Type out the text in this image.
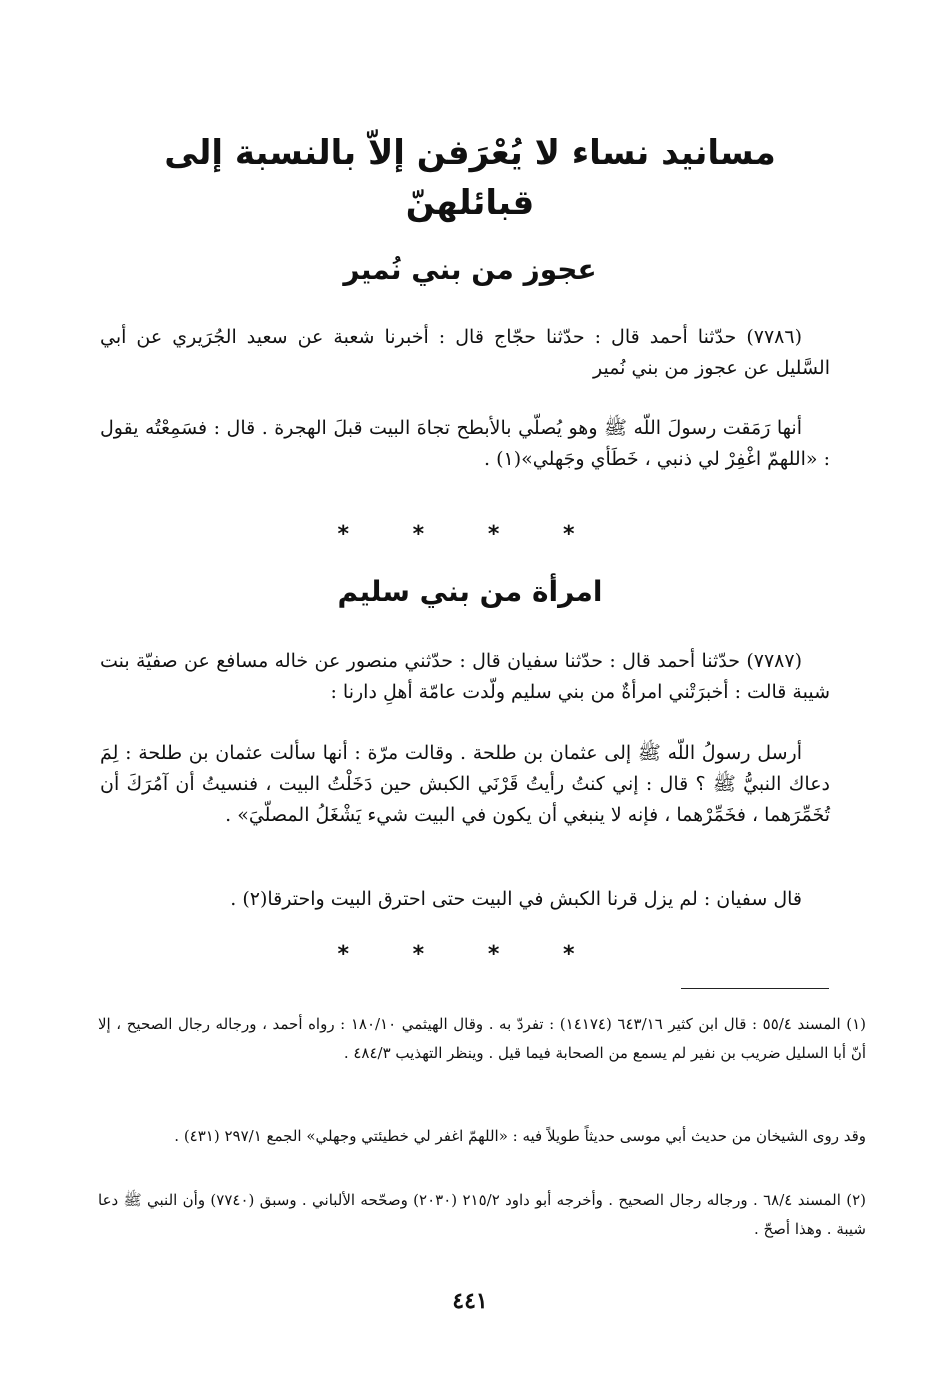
مسانيد نساء لا يُعْرَفن إلاّ بالنسبة إلى قبائلهنّ
عجوز من بني نُمير

(٧٧٨٦) حدّثنا أحمد قال : حدّثنا حجّاج قال : أخبرنا شعبة عن سعيد الجُرَيري عن أبي السَّليل عن عجوز من بني نُمير

أنها رَمَقت رسولَ اللّه ﷺ وهو يُصلّي بالأبطح تجاهَ البيت قبلَ الهجرة . قال : فسَمِعْتُه يقول : «اللهمّ اغْفِرْ لي ذنبي ، خَطَأي وجَهلي»(١) .

* * * *
امرأة من بني سليم

(٧٧٨٧) حدّثنا أحمد قال : حدّثنا سفيان قال : حدّثني منصور عن خاله مسافع عن صفيّة بنت شيبة قالت : أخبرَتْني امرأةٌ من بني سليم ولّدت عامّة أهلِ دارنا :

أرسل رسولُ اللّه ﷺ إلى عثمان بن طلحة . وقالت مرّة : أنها سألت عثمان بن طلحة : لِمَ دعاك النبيُّ ﷺ ؟ قال : إني كنتُ رأيتُ قَرْنَي الكبش حين دَخَلْتُ البيت ، فنسيتُ أن آمُرَكَ أن تُخَمِّرَهما ، فخَمِّرْهما ، فإنه لا ينبغي أن يكون في البيت شيء يَشْغَلُ المصلّيَ» .

قال سفيان : لم يزل قرنا الكبش في البيت حتى احترق البيت واحترقا(٢) .

* * * *

(١) المسند ٥٥/٤ : قال ابن كثير ٦٤٣/١٦ (١٤١٧٤) : تفردّ به . وقال الهيثمي ١٨٠/١٠ : رواه أحمد ، ورجاله رجال الصحيح ، إلا أنّ أبا السليل ضريب بن نفير لم يسمع من الصحابة فيما قيل . وينظر التهذيب ٤٨٤/٣ .

وقد روى الشيخان من حديث أبي موسى حديثاً طويلاً فيه : «اللهمّ اغفر لي خطيئتي وجهلي» الجمع ٢٩٧/١ (٤٣١) .

(٢) المسند ٦٨/٤ . ورجاله رجال الصحيح . وأخرجه أبو داود ٢١٥/٢ (٢٠٣٠) وصحّحه الألباني . وسبق (٧٧٤٠) وأن النبي ﷺ دعا شيبة . وهذا أصحّ .

٤٤١
